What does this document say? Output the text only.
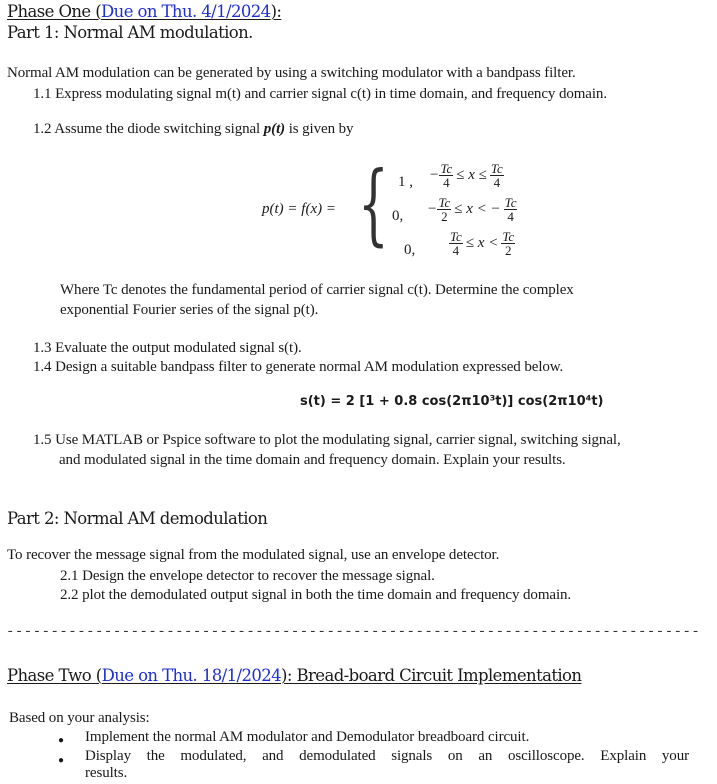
Phase One (Due on Thu. 4/1/2024):
Part 1: Normal AM modulation.
Normal AM modulation can be generated by using a switching modulator with a bandpass filter.
1.1 Express modulating signal m(t) and carrier signal c(t) in time domain, and frequency domain.
1.2 Assume the diode switching signal p(t) is given by
p(t) = f(x) = { 1 , − $\frac{Tc}{4} \le x \le \frac{Tc}{4}$
0, − $\frac{Tc}{2} \le x$ < − $\frac{Tc}{4}$
0,	$\frac{Tc}{4} \le x < \frac{Tc}{2}$
Where Tc denotes the fundamental period of carrier signal c(t). Determine the complex
exponential Fourier series of the signal p(t).
1.3 Evaluate the output modulated signal s(t).
1.4 Design a suitable bandpass filter to generate normal AM modulation expressed below.
s(t) = 2 [1 + 0.8 cos(2π10³t)] cos(2π10⁴t)
1.5 Use MATLAB or Pspice software to plot the modulating signal, carrier signal, switching signal,
and modulated signal in the time domain and frequency domain. Explain your results.
Part 2: Normal AM demodulation
To recover the message signal from the modulated signal, use an envelope detector.
2.1 Design the envelope detector to recover the message signal.
2.2 plot the demodulated output signal in both the time domain and frequency domain.
------------------------------------------------------------------------------
Phase Two (Due on Thu. 18/1/2024): Bread-board Circuit Implementation
Based on your analysis:
● Implement the normal AM modulator and Demodulator breadboard circuit.
● Display the modulated, and demodulated signals on an oscilloscope. Explain your
results.
